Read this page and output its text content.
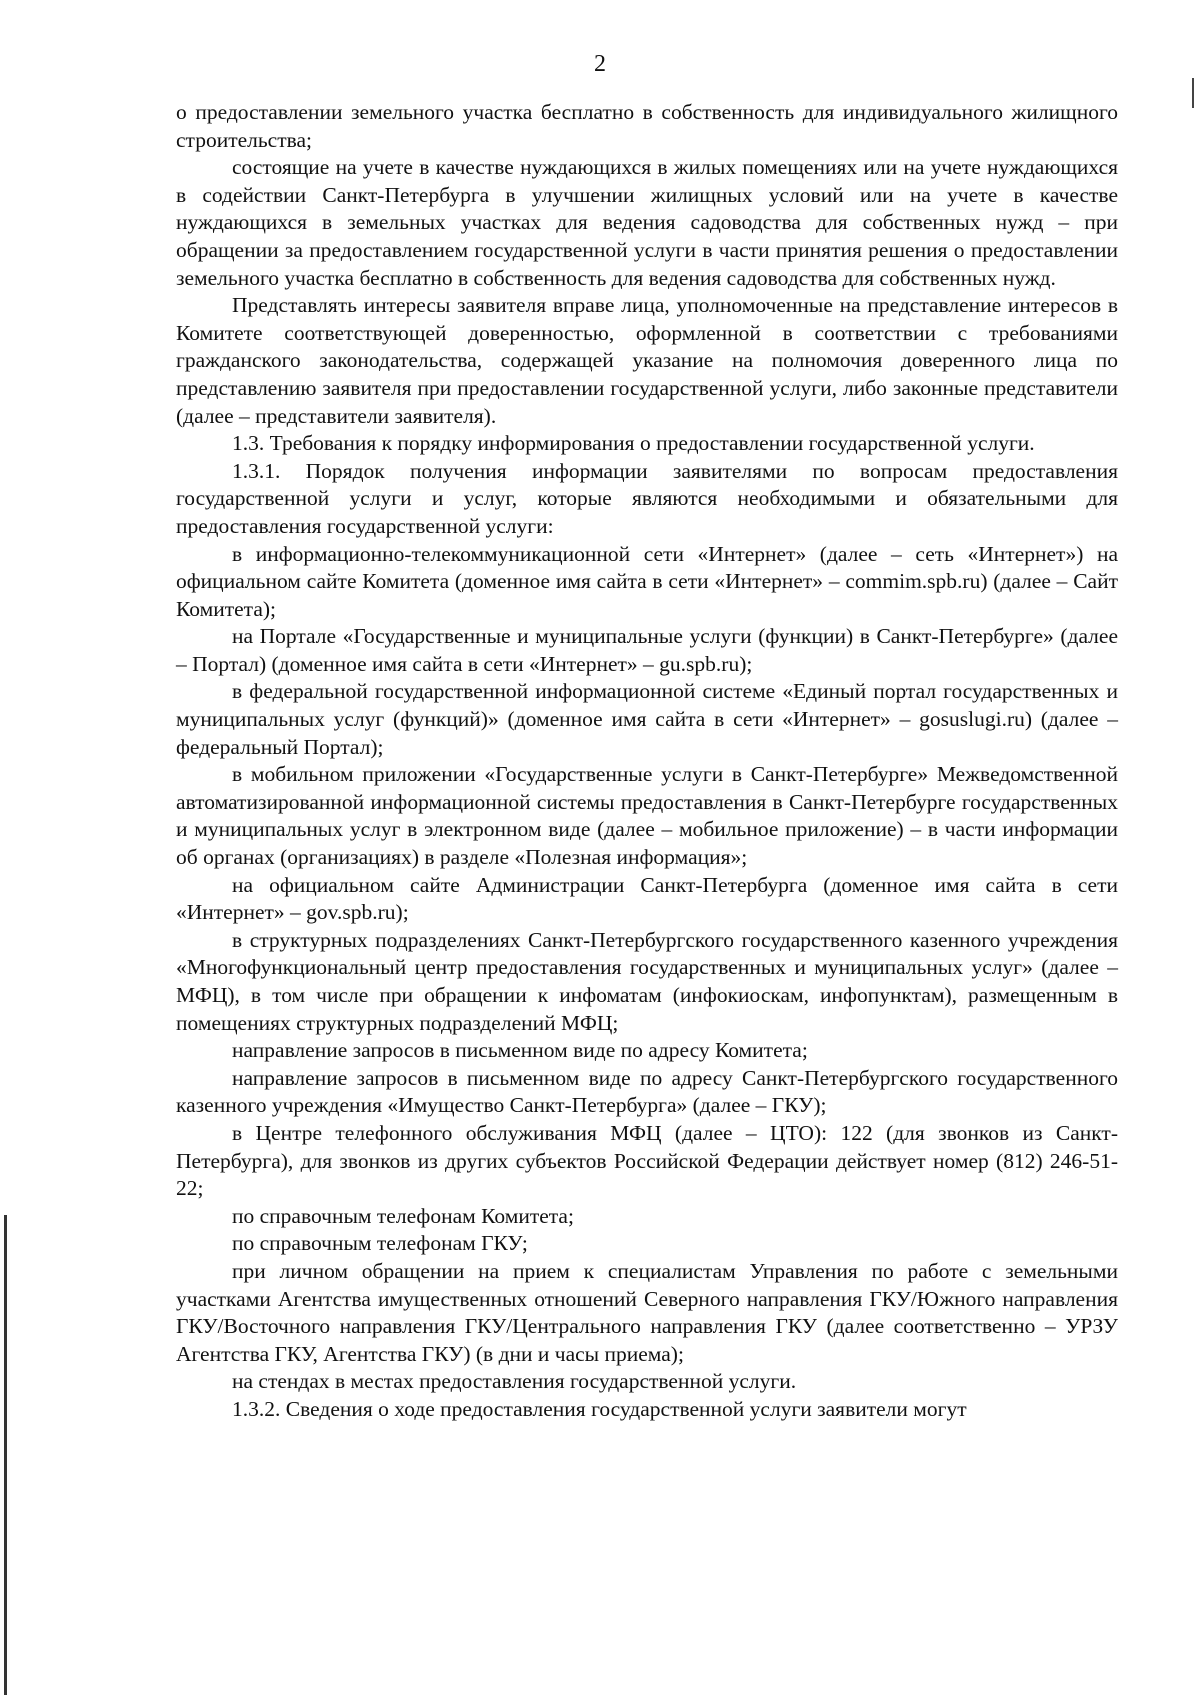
2

о предоставлении земельного участка бесплатно в собственность для индивидуального жилищного строительства;

состоящие на учете в качестве нуждающихся в жилых помещениях или на учете нуждающихся в содействии Санкт-Петербурга в улучшении жилищных условий или на учете в качестве нуждающихся в земельных участках для ведения садоводства для собственных нужд – при обращении за предоставлением государственной услуги в части принятия решения о предоставлении земельного участка бесплатно в собственность для ведения садоводства для собственных нужд.

Представлять интересы заявителя вправе лица, уполномоченные на представление интересов в Комитете соответствующей доверенностью, оформленной в соответствии с требованиями гражданского законодательства, содержащей указание на полномочия доверенного лица по представлению заявителя при предоставлении государственной услуги, либо законные представители (далее – представители заявителя).

1.3. Требования к порядку информирования о предоставлении государственной услуги.

1.3.1. Порядок получения информации заявителями по вопросам предоставления государственной услуги и услуг, которые являются необходимыми и обязательными для предоставления государственной услуги:

в информационно-телекоммуникационной сети «Интернет» (далее – сеть «Интернет») на официальном сайте Комитета (доменное имя сайта в сети «Интернет» – commim.spb.ru) (далее – Сайт Комитета);

на Портале «Государственные и муниципальные услуги (функции) в Санкт-Петербурге» (далее – Портал) (доменное имя сайта в сети «Интернет» – gu.spb.ru);

в федеральной государственной информационной системе «Единый портал государственных и муниципальных услуг (функций)» (доменное имя сайта в сети «Интернет» – gosuslugi.ru) (далее – федеральный Портал);

в мобильном приложении «Государственные услуги в Санкт-Петербурге» Межведомственной автоматизированной информационной системы предоставления в Санкт-Петербурге государственных и муниципальных услуг в электронном виде (далее – мобильное приложение) – в части информации об органах (организациях) в разделе «Полезная информация»;

на официальном сайте Администрации Санкт-Петербурга (доменное имя сайта в сети «Интернет» – gov.spb.ru);

в структурных подразделениях Санкт-Петербургского государственного казенного учреждения «Многофункциональный центр предоставления государственных и муниципальных услуг» (далее – МФЦ), в том числе при обращении к инфоматам (инфокиоскам, инфопунктам), размещенным в помещениях структурных подразделений МФЦ;

направление запросов в письменном виде по адресу Комитета;

направление запросов в письменном виде по адресу Санкт-Петербургского государственного казенного учреждения «Имущество Санкт-Петербурга» (далее – ГКУ);

в Центре телефонного обслуживания МФЦ (далее – ЦТО): 122 (для звонков из Санкт-Петербурга), для звонков из других субъектов Российской Федерации действует номер (812) 246-51-22;

по справочным телефонам Комитета;

по справочным телефонам ГКУ;

при личном обращении на прием к специалистам Управления по работе с земельными участками Агентства имущественных отношений Северного направления ГКУ/Южного направления ГКУ/Восточного направления ГКУ/Центрального направления ГКУ (далее соответственно – УРЗУ Агентства ГКУ, Агентства ГКУ) (в дни и часы приема);

на стендах в местах предоставления государственной услуги.

1.3.2. Сведения о ходе предоставления государственной услуги заявители могут
